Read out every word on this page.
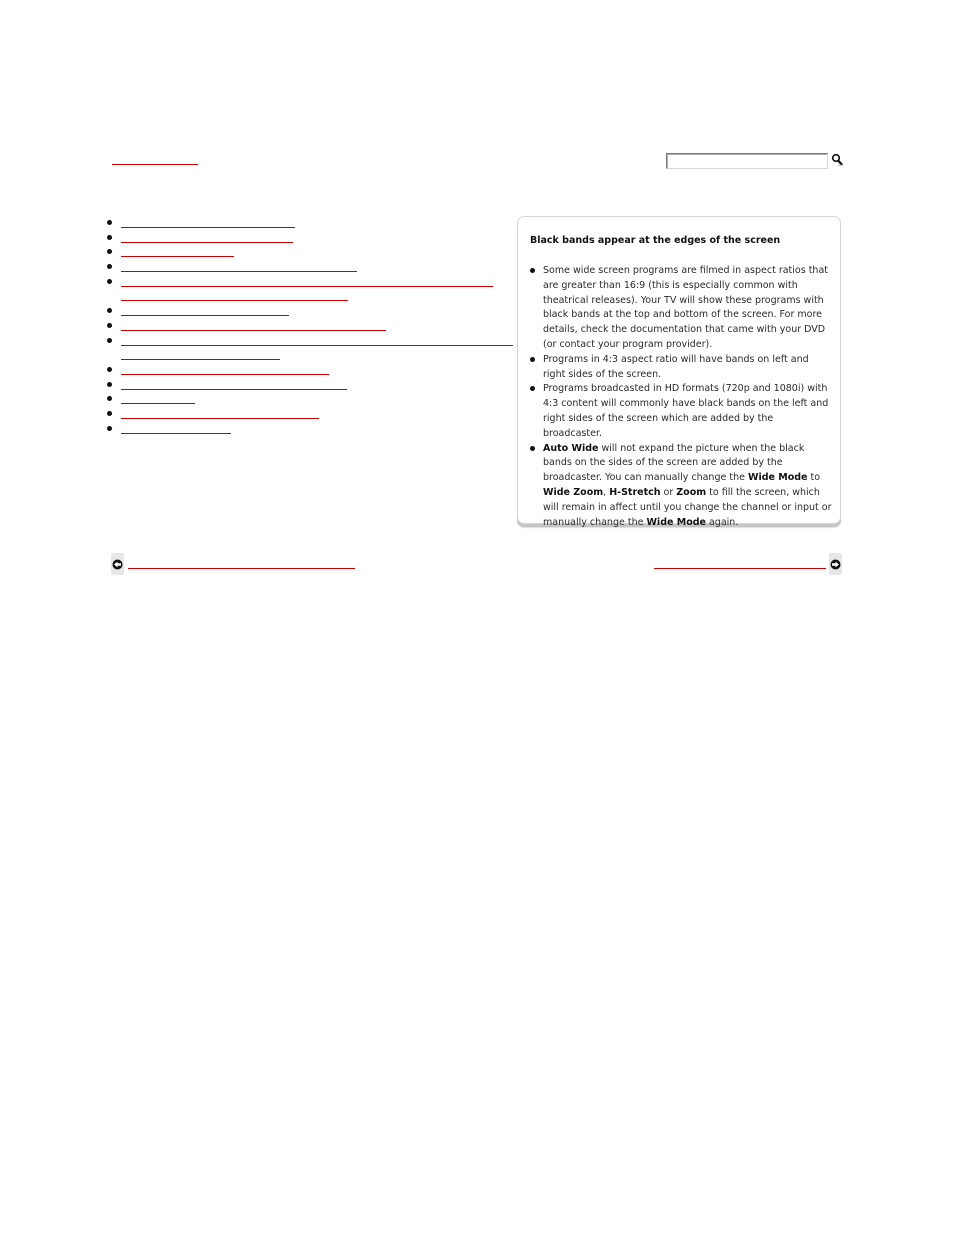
Black bands appear at the edges of the screen

Some wide screen programs are filmed in aspect ratios that are greater than 16:9 (this is especially common with theatrical releases). Your TV will show these programs with black bands at the top and bottom of the screen. For more details, check the documentation that came with your DVD (or contact your program provider).
Programs in 4:3 aspect ratio will have bands on left and right sides of the screen.
Programs broadcasted in HD formats (720p and 1080i) with 4:3 content will commonly have black bands on the left and right sides of the screen which are added by the broadcaster.
Auto Wide will not expand the picture when the black bands on the sides of the screen are added by the broadcaster. You can manually change the Wide Mode to Wide Zoom, H-Stretch or Zoom to fill the screen, which will remain in affect until you change the channel or input or manually change the Wide Mode again.
